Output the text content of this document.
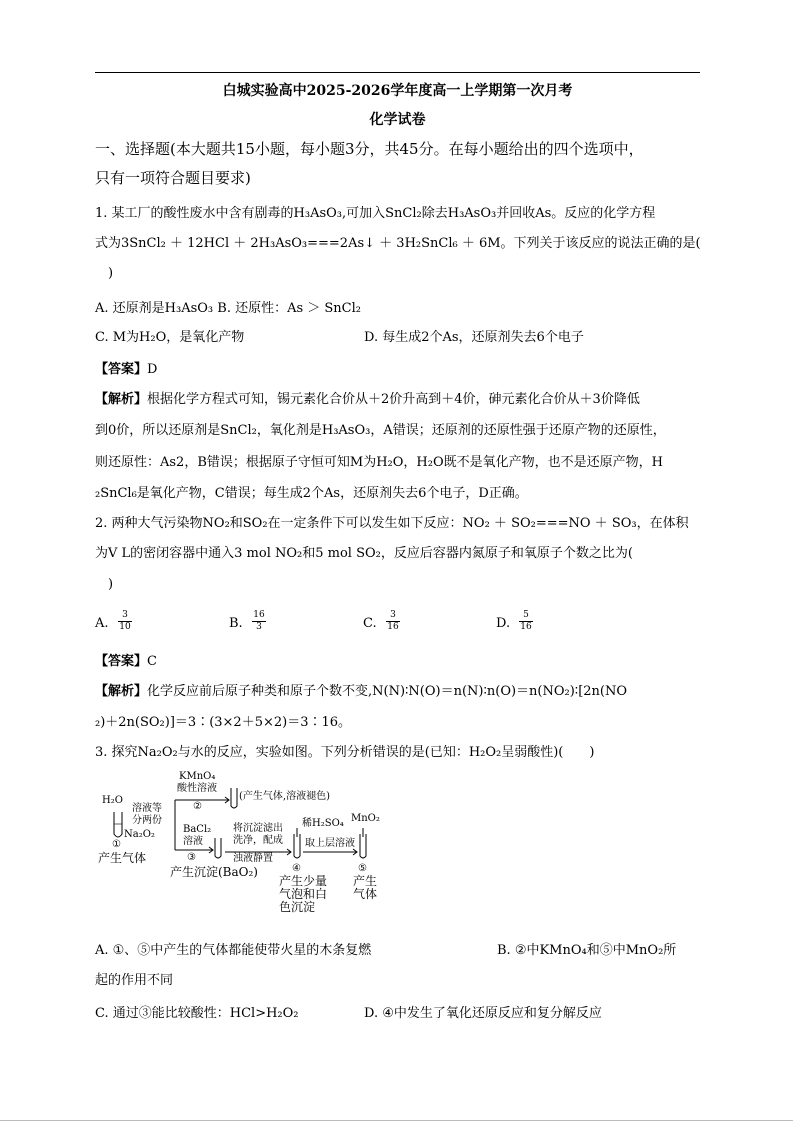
白城实验高中2025-2026学年度高一上学期第一次月考
化学试卷
一、选择题(本大题共15小题，每小题3分，共45分。在每小题给出的四个选项中，
只有一项符合题目要求)
1. 某工厂的酸性废水中含有剧毒的H₃AsO₃,可加入SnCl₂除去H₃AsO₃并回收As。反应的化学方程
式为3SnCl₂ ＋ 12HCl ＋ 2H₃AsO₃===2As↓ ＋ 3H₂SnCl₆ ＋ 6M。下列关于该反应的说法正确的是(
　)
A. 还原剂是H₃AsO₃ B. 还原性：As ＞ SnCl₂
C. M为H₂O，是氧化产物	D. 每生成2个As，还原剂失去6个电子
【答案】D
【解析】根据化学方程式可知，锡元素化合价从＋2价升高到＋4价，砷元素化合价从＋3价降低
到0价，所以还原剂是SnCl₂，氧化剂是H₃AsO₃，A错误；还原剂的还原性强于还原产物的还原性，
则还原性：As2，B错误；根据原子守恒可知M为H₂O，H₂O既不是氧化产物，也不是还原产物，H
₂SnCl₆是氧化产物，C错误；每生成2个As，还原剂失去6个电子，D正确。
2. 两种大气污染物NO₂和SO₂在一定条件下可以发生如下反应：NO₂ ＋ SO₂===NO ＋ SO₃，在体积
为V L的密闭容器中通入3 mol NO₂和5 mol SO₂，反应后容器内氮原子和氧原子个数之比为(
　)
A. $\frac{3}{10}$	B. $\frac{16}{3}$	C. $\frac{3}{16}$	D. $\frac{5}{16}$
【答案】C
【解析】化学反应前后原子种类和原子个数不变,N(N)∶N(O)＝n(N)∶n(O)＝n(NO₂)∶[2n(NO
₂)＋2n(SO₂)]＝3∶(3×2＋5×2)＝3∶16。
3. 探究Na₂O₂与水的反应，实验如图。下列分析错误的是(已知：H₂O₂呈弱酸性)(　　)
H₂O
Na₂O₂
①
产生气体
溶液等
分两份
KMnO₄
酸性溶液
②
(产生气体,溶液褪色)
BaCl₂
溶液
③
产生沉淀(BaO₂)
将沉淀滤出
洗净，配成
浊液静置
稀H₂SO₄
取上层溶液
MnO₂
④
产生少量
气泡和白
色沉淀
⑤
产生
气体
A. ①、⑤中产生的气体都能使带火星的木条复燃	B. ②中KMnO₄和⑤中MnO₂所
起的作用不同
C. 通过③能比较酸性：HCl>H₂O₂	D. ④中发生了氧化还原反应和复分解反应
